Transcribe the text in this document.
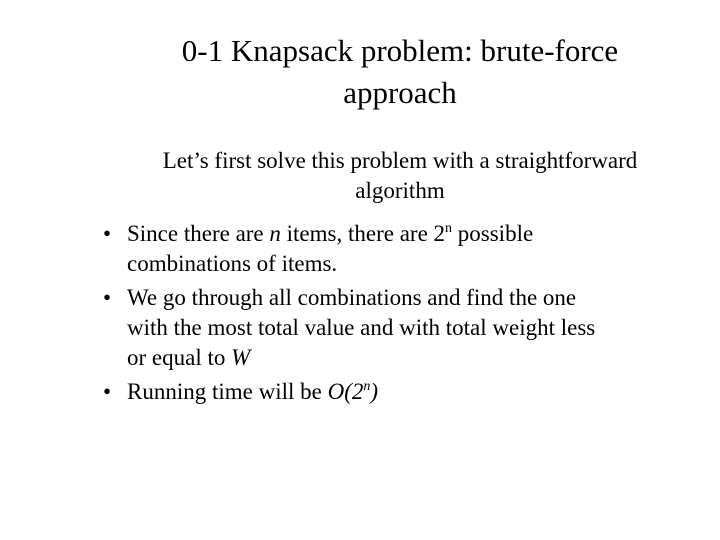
0-1 Knapsack problem: brute-force
approach
Let’s first solve this problem with a straightforward
algorithm
• Since there are n items, there are 2$^n$ possible
combinations of items.
• We go through all combinations and find the one
with the most total value and with total weight less
or equal to W
• Running time will be O(2$^n$)
